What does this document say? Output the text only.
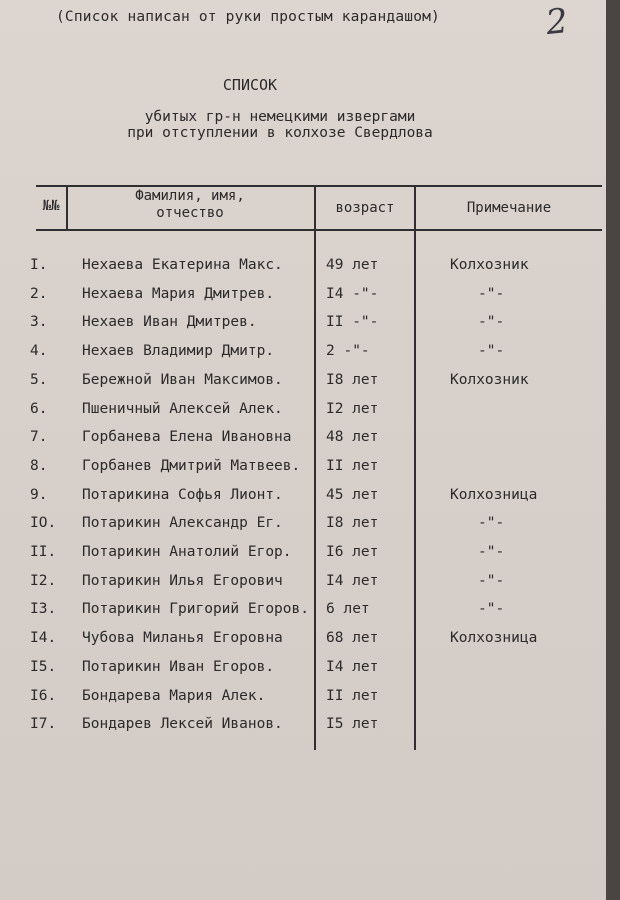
(Список написан от руки простым карандашом)	2
СПИСОК
убитых гр-н немецкими извергами
при отступлении в колхозе Свердлова
№№
Фамилия, имя, отчество	возраст	Примечание
I. Нехаева Екатерина Макс.	49 лет	Колхозник
2. Нехаева Мария Дмитрев.	I4 -"-	-"-
3. Нехаев Иван Дмитрев.	II -"-	-"-
4. Нехаев Владимир Дмитр.	2 -"-	-"-
5. Бережной Иван Максимов.	I8 лет	Колхозник
6. Пшеничный Алексей Алек.	I2 лет
7. Горбанева Елена Ивановна 48 лет
8. Горбанев Дмитрий Матвеев. II лет
9. Потарикина Софья Лионт.	45 лет	Колхозница
IO. Потарикин Александр Ег.	I8 лет	-"-
II. Потарикин Анатолий Егор. I6 лет	-"-
I2. Потарикин Илья Егорович	I4 лет	-"-
I3. Потарикин Григорий Егоров. 6 лет	-"-
I4. Чубова Миланья Егоровна	68 лет	Колхозница
I5. Потарикин Иван Егоров.	I4 лет
I6. Бондарева Мария Алек.	II лет
I7. Бондарев Лексей Иванов.	I5 лет
